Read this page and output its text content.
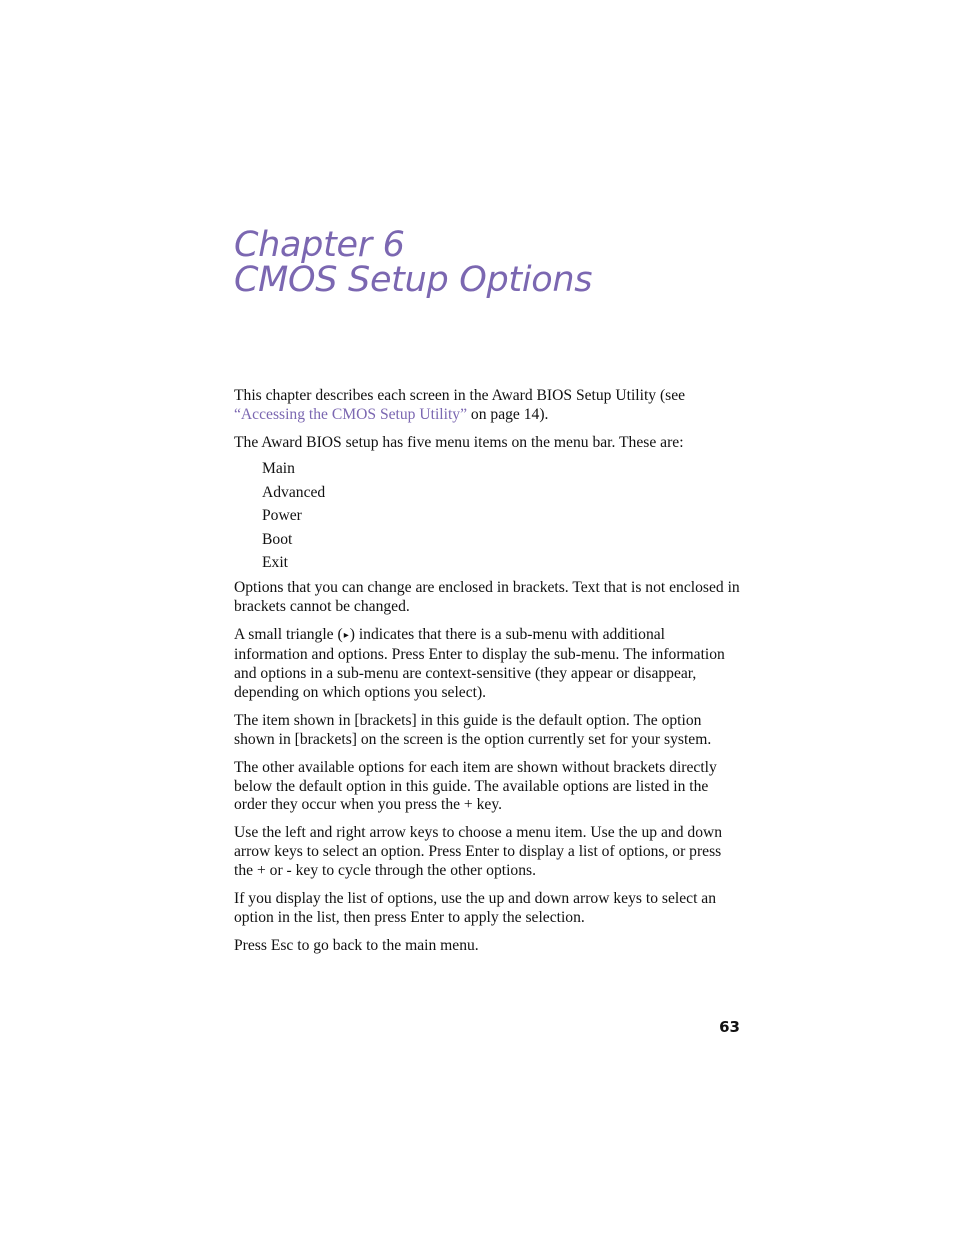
Chapter 6
CMOS Setup Options

This chapter describes each screen in the Award BIOS Setup Utility (see “Accessing the CMOS Setup Utility” on page 14).

The Award BIOS setup has five menu items on the menu bar. These are:

Main
Advanced
Power
Boot
Exit

Options that you can change are enclosed in brackets. Text that is not enclosed in brackets cannot be changed.

A small triangle (▸) indicates that there is a sub-menu with additional information and options. Press Enter to display the sub-menu. The information and options in a sub-menu are context-sensitive (they appear or disappear, depending on which options you select).

The item shown in [brackets] in this guide is the default option. The option shown in [brackets] on the screen is the option currently set for your system.

The other available options for each item are shown without brackets directly below the default option in this guide. The available options are listed in the order they occur when you press the + key.

Use the left and right arrow keys to choose a menu item. Use the up and down arrow keys to select an option. Press Enter to display a list of options, or press the + or - key to cycle through the other options.

If you display the list of options, use the up and down arrow keys to select an option in the list, then press Enter to apply the selection.

Press Esc to go back to the main menu.

63
